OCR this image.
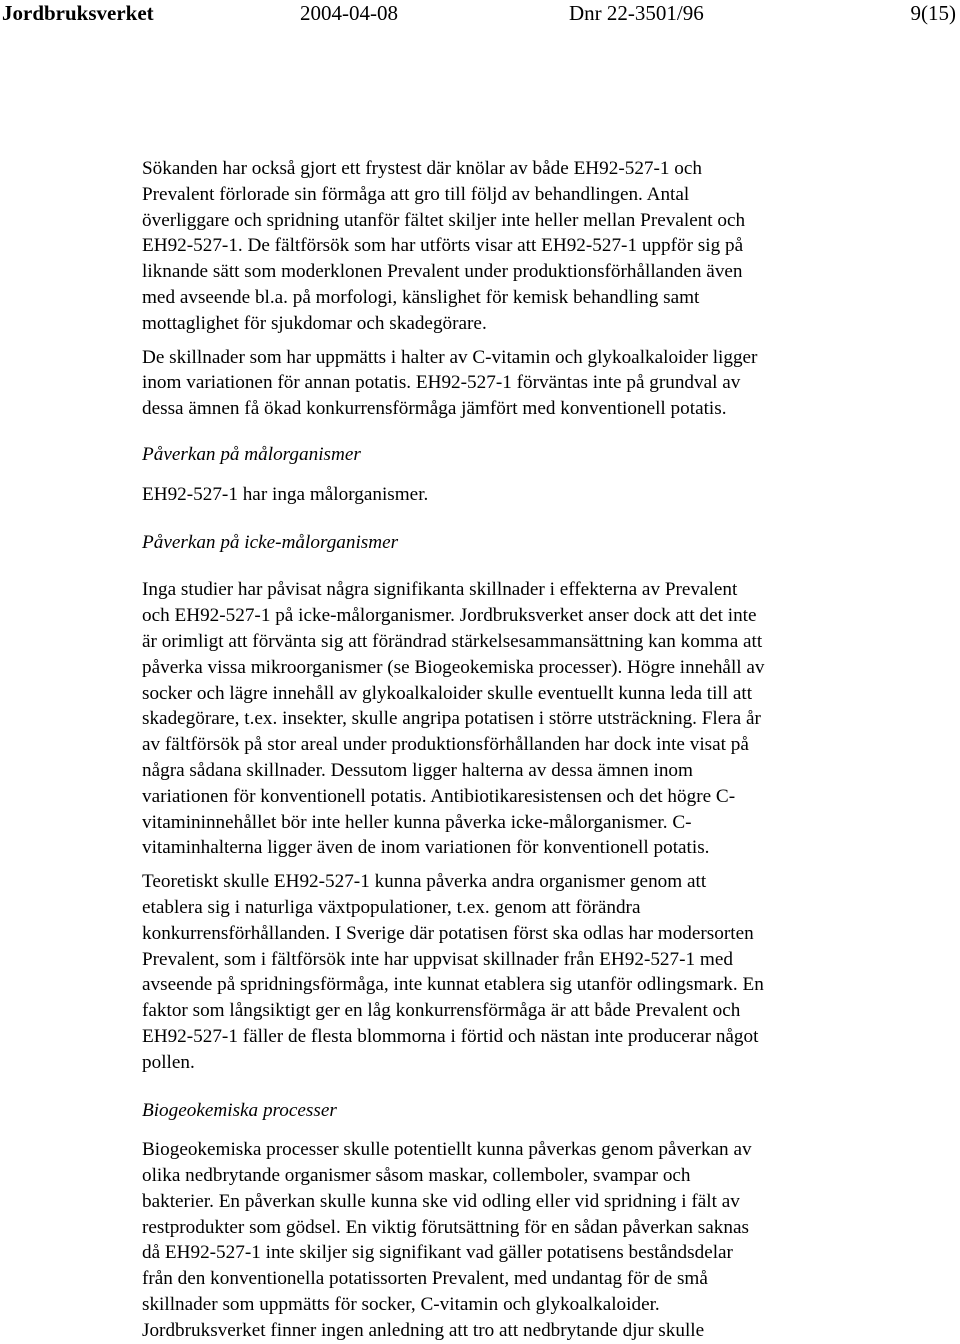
Jordbruksverket	2004-04-08	Dnr 22-3501/96	9(15)

Sökanden har också gjort ett frystest där knölar av både EH92-527-1 och
Prevalent förlorade sin förmåga att gro till följd av behandlingen. Antal
överliggare och spridning utanför fältet skiljer inte heller mellan Prevalent och
EH92-527-1. De fältförsök som har utförts visar att EH92-527-1 uppför sig på
liknande sätt som moderklonen Prevalent under produktionsförhållanden även
med avseende bl.a. på morfologi, känslighet för kemisk behandling samt
mottaglighet för sjukdomar och skadegörare.

De skillnader som har uppmätts i halter av C-vitamin och glykoalkaloider ligger
inom variationen för annan potatis. EH92-527-1 förväntas inte på grundval av
dessa ämnen få ökad konkurrensförmåga jämfört med konventionell potatis.

Påverkan på målorganismer

EH92-527-1 har inga målorganismer.

Påverkan på icke-målorganismer

Inga studier har påvisat några signifikanta skillnader i effekterna av Prevalent
och EH92-527-1 på icke-målorganismer. Jordbruksverket anser dock att det inte
är orimligt att förvänta sig att förändrad stärkelsesammansättning kan komma att
påverka vissa mikroorganismer (se Biogeokemiska processer). Högre innehåll av
socker och lägre innehåll av glykoalkaloider skulle eventuellt kunna leda till att
skadegörare, t.ex. insekter, skulle angripa potatisen i större utsträckning. Flera år
av fältförsök på stor areal under produktionsförhållanden har dock inte visat på
några sådana skillnader. Dessutom ligger halterna av dessa ämnen inom
variationen för konventionell potatis. Antibiotikaresistensen och det högre C-
vitamininnehållet bör inte heller kunna påverka icke-målorganismer. C-
vitaminhalterna ligger även de inom variationen för konventionell potatis.

Teoretiskt skulle EH92-527-1 kunna påverka andra organismer genom att
etablera sig i naturliga växtpopulationer, t.ex. genom att förändra
konkurrensförhållanden. I Sverige där potatisen först ska odlas har modersorten
Prevalent, som i fältförsök inte har uppvisat skillnader från EH92-527-1 med
avseende på spridningsförmåga, inte kunnat etablera sig utanför odlingsmark. En
faktor som långsiktigt ger en låg konkurrensförmåga är att både Prevalent och
EH92-527-1 fäller de flesta blommorna i förtid och nästan inte producerar något
pollen.

Biogeokemiska processer

Biogeokemiska processer skulle potentiellt kunna påverkas genom påverkan av
olika nedbrytande organismer såsom maskar, collemboler, svampar och
bakterier. En påverkan skulle kunna ske vid odling eller vid spridning i fält av
restprodukter som gödsel. En viktig förutsättning för en sådan påverkan saknas
då EH92-527-1 inte skiljer sig signifikant vad gäller potatisens beståndsdelar
från den konventionella potatissorten Prevalent, med undantag för de små
skillnader som uppmätts för socker, C-vitamin och glykoalkaloider.
Jordbruksverket finner ingen anledning att tro att nedbrytande djur skulle
